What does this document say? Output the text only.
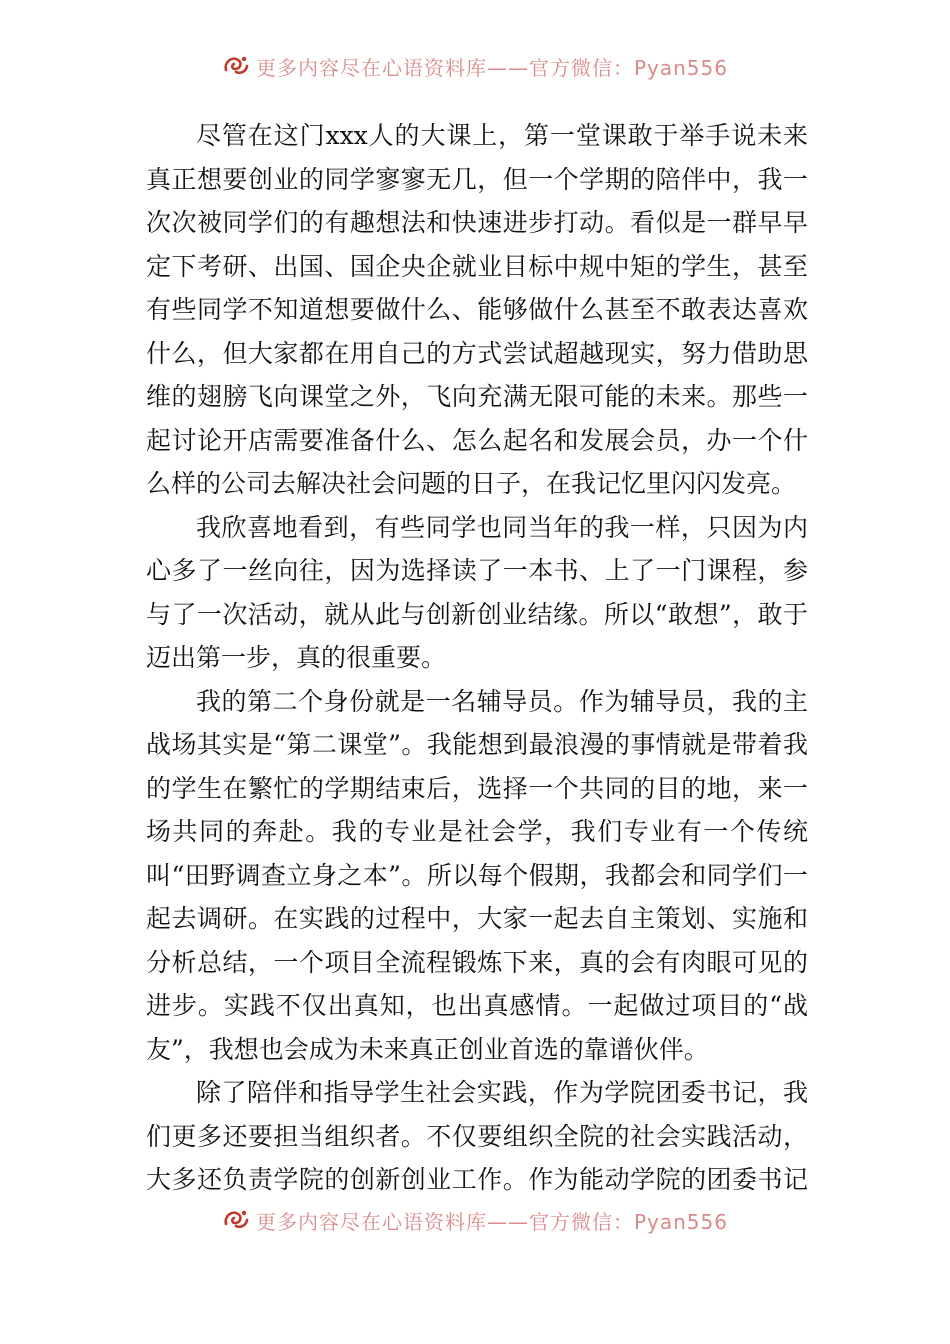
更多内容尽在心语资料库——官方微信：Pyan556

尽管在这门xxx人的大课上，第一堂课敢于举手说未来真正想要创业的同学寥寥无几，但一个学期的陪伴中，我一次次被同学们的有趣想法和快速进步打动。看似是一群早早定下考研、出国、国企央企就业目标中规中矩的学生，甚至有些同学不知道想要做什么、能够做什么甚至不敢表达喜欢什么，但大家都在用自己的方式尝试超越现实，努力借助思维的翅膀飞向课堂之外，飞向充满无限可能的未来。那些一起讨论开店需要准备什么、怎么起名和发展会员，办一个什么样的公司去解决社会问题的日子，在我记忆里闪闪发亮。

我欣喜地看到，有些同学也同当年的我一样，只因为内心多了一丝向往，因为选择读了一本书、上了一门课程，参与了一次活动，就从此与创新创业结缘。所以“敢想”，敢于迈出第一步，真的很重要。

我的第二个身份就是一名辅导员。作为辅导员，我的主战场其实是“第二课堂”。我能想到最浪漫的事情就是带着我的学生在繁忙的学期结束后，选择一个共同的目的地，来一场共同的奔赴。我的专业是社会学，我们专业有一个传统叫“田野调查立身之本”。所以每个假期，我都会和同学们一起去调研。在实践的过程中，大家一起去自主策划、实施和分析总结，一个项目全流程锻炼下来，真的会有肉眼可见的进步。实践不仅出真知，也出真感情。一起做过项目的“战友”，我想也会成为未来真正创业首选的靠谱伙伴。

除了陪伴和指导学生社会实践，作为学院团委书记，我们更多还要担当组织者。不仅要组织全院的社会实践活动，大多还负责学院的创新创业工作。作为能动学院的团委书记

更多内容尽在心语资料库——官方微信：Pyan556
